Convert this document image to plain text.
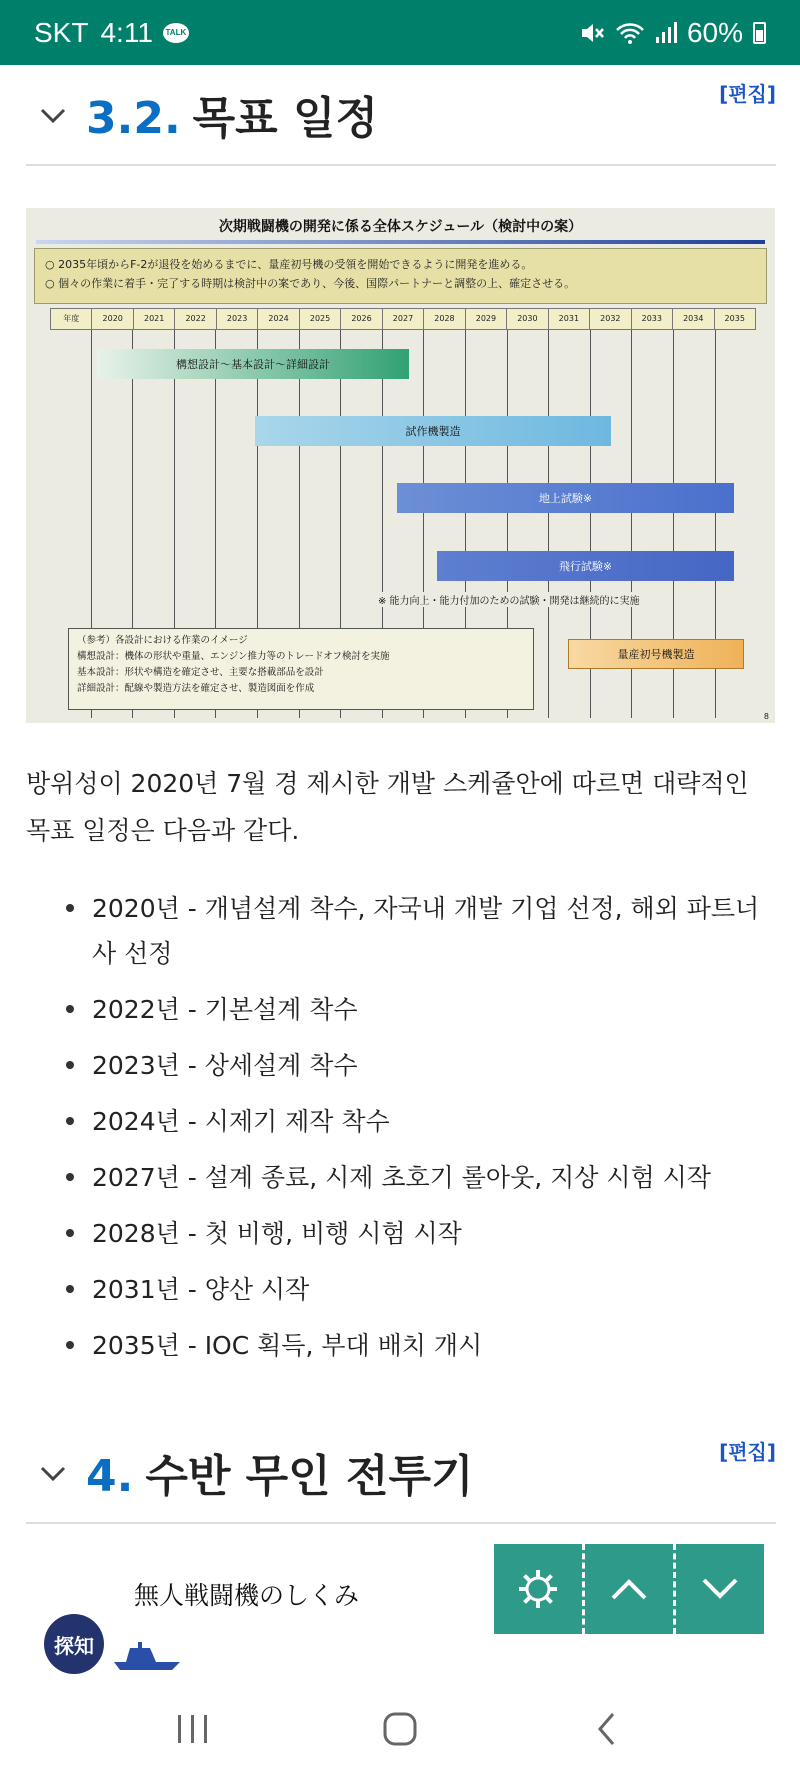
SKT 4:11	TALK	60%
3.2. 목표 일정	[편집]
次期戦闘機の開発に係る全体スケジュール（検討中の案）
○ 2035年頃からF-2が退役を始めるまでに、量産初号機の受領を開始できるように開発を進める。
○ 個々の作業に着手・完了する時期は検討中の案であり、今後、国際パートナーと調整の上、確定させる。
年度	2020	2021	2022	2023	2024	2025	2026	2027	2028	2029	2030	2031	2032	2033	2034	2035
構想設計～基本設計～詳細設計
試作機製造
地上試験※
飛行試験※
※ 能力向上・能力付加のための試験・開発は継続的に実施
（参考）各設計における作業のイメージ
構想設計：機体の形状や重量、エンジン推力等のトレードオフ検討を実施
基本設計：形状や構造を確定させ、主要な搭載部品を設計
詳細設計：配線や製造方法を確定させ、製造図面を作成
量産初号機製造
8

방위성이 2020년 7월 경 제시한 개발 스케쥴안에 따르면 대략적인 목표 일정은 다음과 같다.

2020년 - 개념설계 착수, 자국내 개발 기업 선정, 해외 파트너사 선정
2022년 - 기본설계 착수
2023년 - 상세설계 착수
2024년 - 시제기 제작 착수
2027년 - 설계 종료, 시제 초호기 롤아웃, 지상 시험 시작
2028년 - 첫 비행, 비행 시험 시작
2031년 - 양산 시작
2035년 - IOC 획득, 부대 배치 개시
4. 수반 무인 전투기	[편집]
無人戦闘機のしくみ
探知
